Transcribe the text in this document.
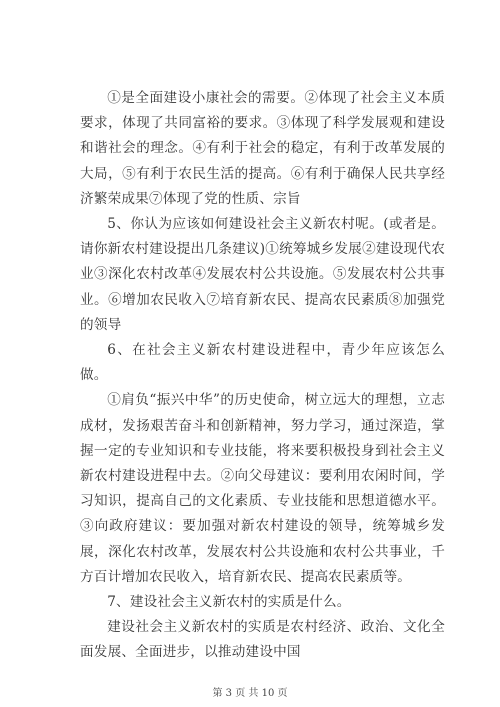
①是全面建设小康社会的需要。②体现了社会主义本质要求，体现了共同富裕的要求。③体现了科学发展观和建设和谐社会的理念。④有利于社会的稳定，有利于改革发展的大局，⑤有利于农民生活的提高。⑥有利于确保人民共享经济繁荣成果⑦体现了党的性质、宗旨

5、你认为应该如何建设社会主义新农村呢。(或者是。请你新农村建设提出几条建议)①统筹城乡发展②建设现代农业③深化农村改革④发展农村公共设施。⑤发展农村公共事业。⑥增加农民收入⑦培育新农民、提高农民素质⑧加强党的领导

6、在社会主义新农村建设进程中，青少年应该怎么做。

①肩负“振兴中华”的历史使命，树立远大的理想，立志成材，发扬艰苦奋斗和创新精神，努力学习，通过深造，掌握一定的专业知识和专业技能，将来要积极投身到社会主义新农村建设进程中去。②向父母建议：要利用农闲时间，学习知识，提高自己的文化素质、专业技能和思想道德水平。③向政府建议：要加强对新农村建设的领导，统筹城乡发展，深化农村改革，发展农村公共设施和农村公共事业，千方百计增加农民收入，培育新农民、提高农民素质等。

7、建设社会主义新农村的实质是什么。

建设社会主义新农村的实质是农村经济、政治、文化全面发展、全面进步，以推动建设中国

第 3 页 共 10 页
